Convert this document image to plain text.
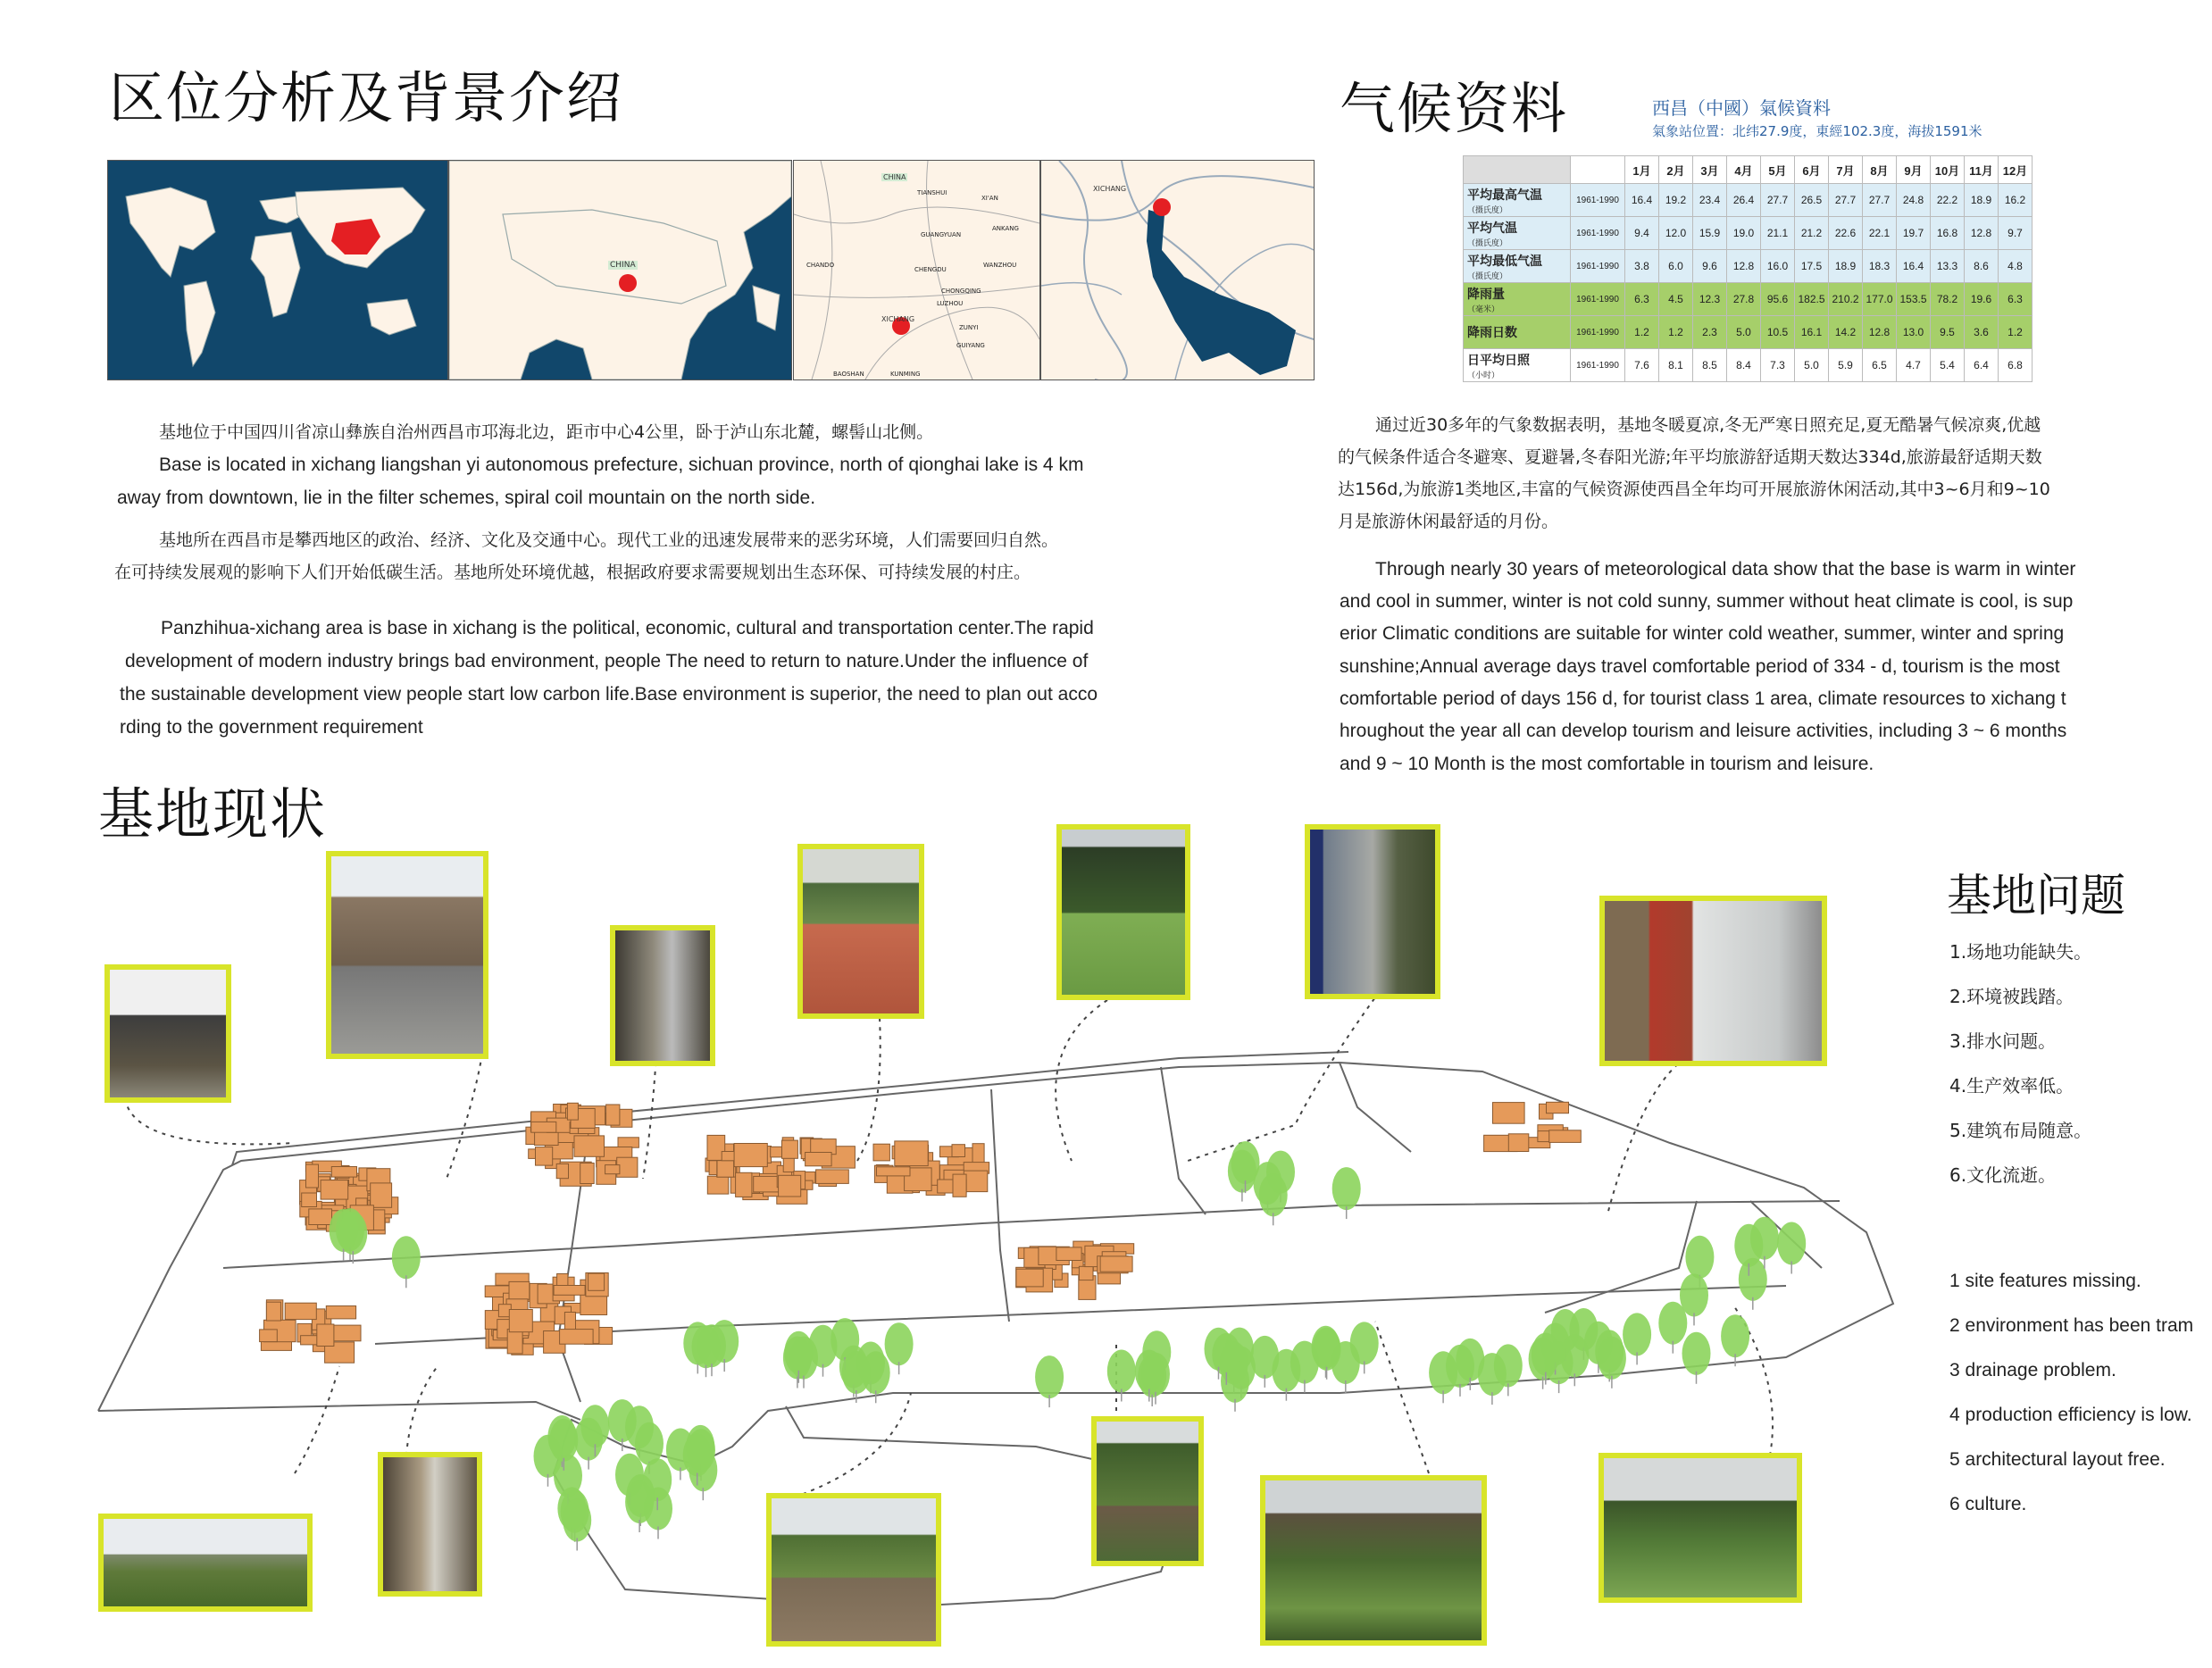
区位分析及背景介绍	气候资料
基地现状
基地问题
CHINA
XICHANG
CHINA
TIANSHUI
XI'AN
GUANGYUAN
ANKANG
CHENGDU
WANZHOU
CHANDO
CHONGQING
LUZHOU
ZUNYI
GUIYANG
BAOSHAN	KUNMING
XICHANG
基地位于中国四川省凉山彝族自治州西昌市邛海北边，距市中心4公里，卧于泸山东北麓，螺髻山北侧。
Base is located in xichang liangshan yi autonomous prefecture, sichuan province, north of qionghai lake is 4 km
away from downtown, lie in the filter schemes, spiral coil mountain on the north side.
基地所在西昌市是攀西地区的政治、经济、文化及交通中心。现代工业的迅速发展带来的恶劣环境，人们需要回归自然。
在可持续发展观的影响下人们开始低碳生活。基地所处环境优越，根据政府要求需要规划出生态环保、可持续发展的村庄。
Panzhihua-xichang area is base in xichang is the political, economic, cultural and transportation center.The rapid
development of modern industry brings bad environment, people The need to return to nature.Under the influence of
the sustainable development view people start low carbon life.Base environment is superior, the need to plan out acco
rding to the government requirement
西昌（中國）氣候資料
氣象站位置：北纬27.9度，東經102.3度，海拔1591米
		1月	2月	3月	4月	5月	6月	7月	8月	9月	10月	11月	12月

平均最高气温
（摄氏度）	1961-1990	16.4	19.2	23.4	26.4	27.7	26.5	27.7	27.7	24.8	22.2	18.9	16.2

平均气温
（摄氏度）	1961-1990	9.4	12.0	15.9	19.0	21.1	21.2	22.6	22.1	19.7	16.8	12.8	9.7

平均最低气温
（摄氏度）	1961-1990	3.8	6.0	9.6	12.8	16.0	17.5	18.9	18.3	16.4	13.3	8.6	4.8

降雨量
（毫米）	1961-1990	6.3	4.5	12.3	27.8	95.6	182.5	210.2	177.0	153.5	78.2	19.6	6.3

降雨日数	1961-1990	1.2	1.2	2.3	5.0	10.5	16.1	14.2	12.8	13.0	9.5	3.6	1.2

日平均日照
（小时）	1961-1990	7.6	8.1	8.5	8.4	7.3	5.0	5.9	6.5	4.7	5.4	6.4	6.8
通过近30多年的气象数据表明，基地冬暖夏凉,冬无严寒日照充足,夏无酷暑气候凉爽,优越
的气候条件适合冬避寒、夏避暑,冬春阳光游;年平均旅游舒适期天数达334d,旅游最舒适期天数
达156d,为旅游1类地区,丰富的气候资源使西昌全年均可开展旅游休闲活动,其中3~6月和9~10
月是旅游休闲最舒适的月份。
Through nearly 30 years of meteorological data show that the base is warm in winter
and cool in summer, winter is not cold sunny, summer without heat climate is cool, is sup
erior Climatic conditions are suitable for winter cold weather, summer, winter and spring
sunshine;Annual average days travel comfortable period of 334 - d, tourism is the most
comfortable period of days 156 d, for tourist class 1 area, climate resources to xichang t
hroughout the year all can develop tourism and leisure activities, including 3 ~ 6 months
and 9 ~ 10 Month is the most comfortable in tourism and leisure.
1.场地功能缺失。
2.环境被践踏。
3.排水问题。
4.生产效率低。
5.建筑布局随意。
6.文化流逝。
1 site features missing.
2 environment has been tram
3 drainage problem.
4 production efficiency is low.
5 architectural layout free.
6 culture.
